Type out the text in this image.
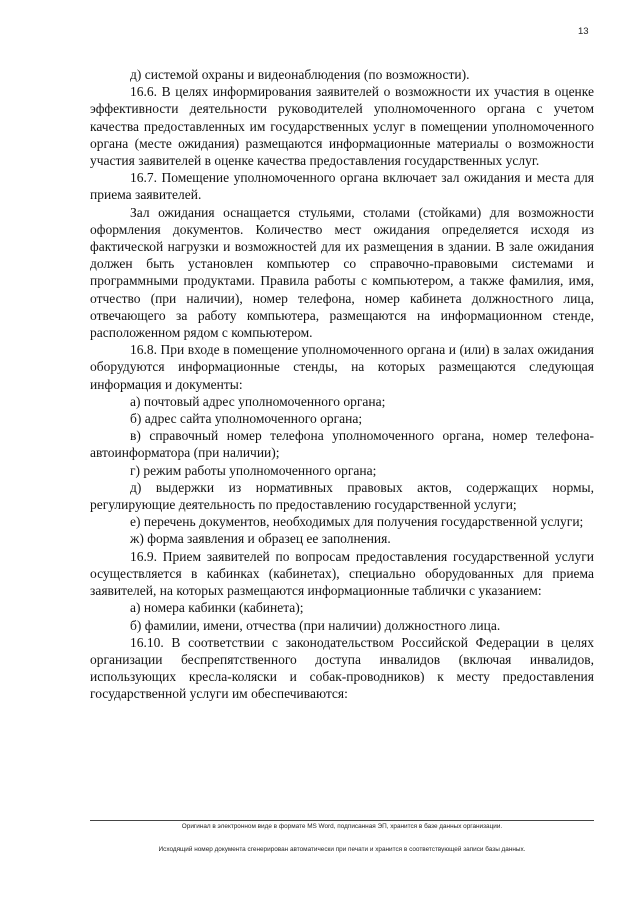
13

д) системой охраны и видеонаблюдения (по возможности).

16.6. В целях информирования заявителей о возможности их участия в оценке эффективности деятельности руководителей уполномоченного органа с учетом качества предоставленных им государственных услуг в помещении уполномоченного органа (месте ожидания) размещаются информационные материалы о возможности участия заявителей в оценке качества предоставления государственных услуг.

16.7. Помещение уполномоченного органа включает зал ожидания и места для приема заявителей.

Зал ожидания оснащается стульями, столами (стойками) для возможности оформления документов. Количество мест ожидания определяется исходя из фактической нагрузки и возможностей для их размещения в здании. В зале ожидания должен быть установлен компьютер со справочно-правовыми системами и программными продуктами. Правила работы с компьютером, а также фамилия, имя, отчество (при наличии), номер телефона, номер кабинета должностного лица, отвечающего за работу компьютера, размещаются на информационном стенде, расположенном рядом с компьютером.

16.8. При входе в помещение уполномоченного органа и (или) в залах ожидания оборудуются информационные стенды, на которых размещаются следующая информация и документы:

а) почтовый адрес уполномоченного органа;

б) адрес сайта уполномоченного органа;

в) справочный номер телефона уполномоченного органа, номер телефона-автоинформатора (при наличии);

г) режим работы уполномоченного органа;

д) выдержки из нормативных правовых актов, содержащих нормы, регулирующие деятельность по предоставлению государственной услуги;

е) перечень документов, необходимых для получения государственной услуги;

ж) форма заявления и образец ее заполнения.

16.9. Прием заявителей по вопросам предоставления государственной услуги осуществляется в кабинках (кабинетах), специально оборудованных для приема заявителей, на которых размещаются информационные таблички с указанием:

а) номера кабинки (кабинета);

б) фамилии, имени, отчества (при наличии) должностного лица.

16.10. В соответствии с законодательством Российской Федерации в целях организации беспрепятственного доступа инвалидов (включая инвалидов, использующих кресла-коляски и собак-проводников) к месту предоставления государственной услуги им обеспечиваются:

Оригинал в электронном виде в формате MS Word, подписанная ЭП, хранится в базе данных организации.
Исходящий номер документа сгенерирован автоматически при печати и хранится в соответствующей записи базы данных.
